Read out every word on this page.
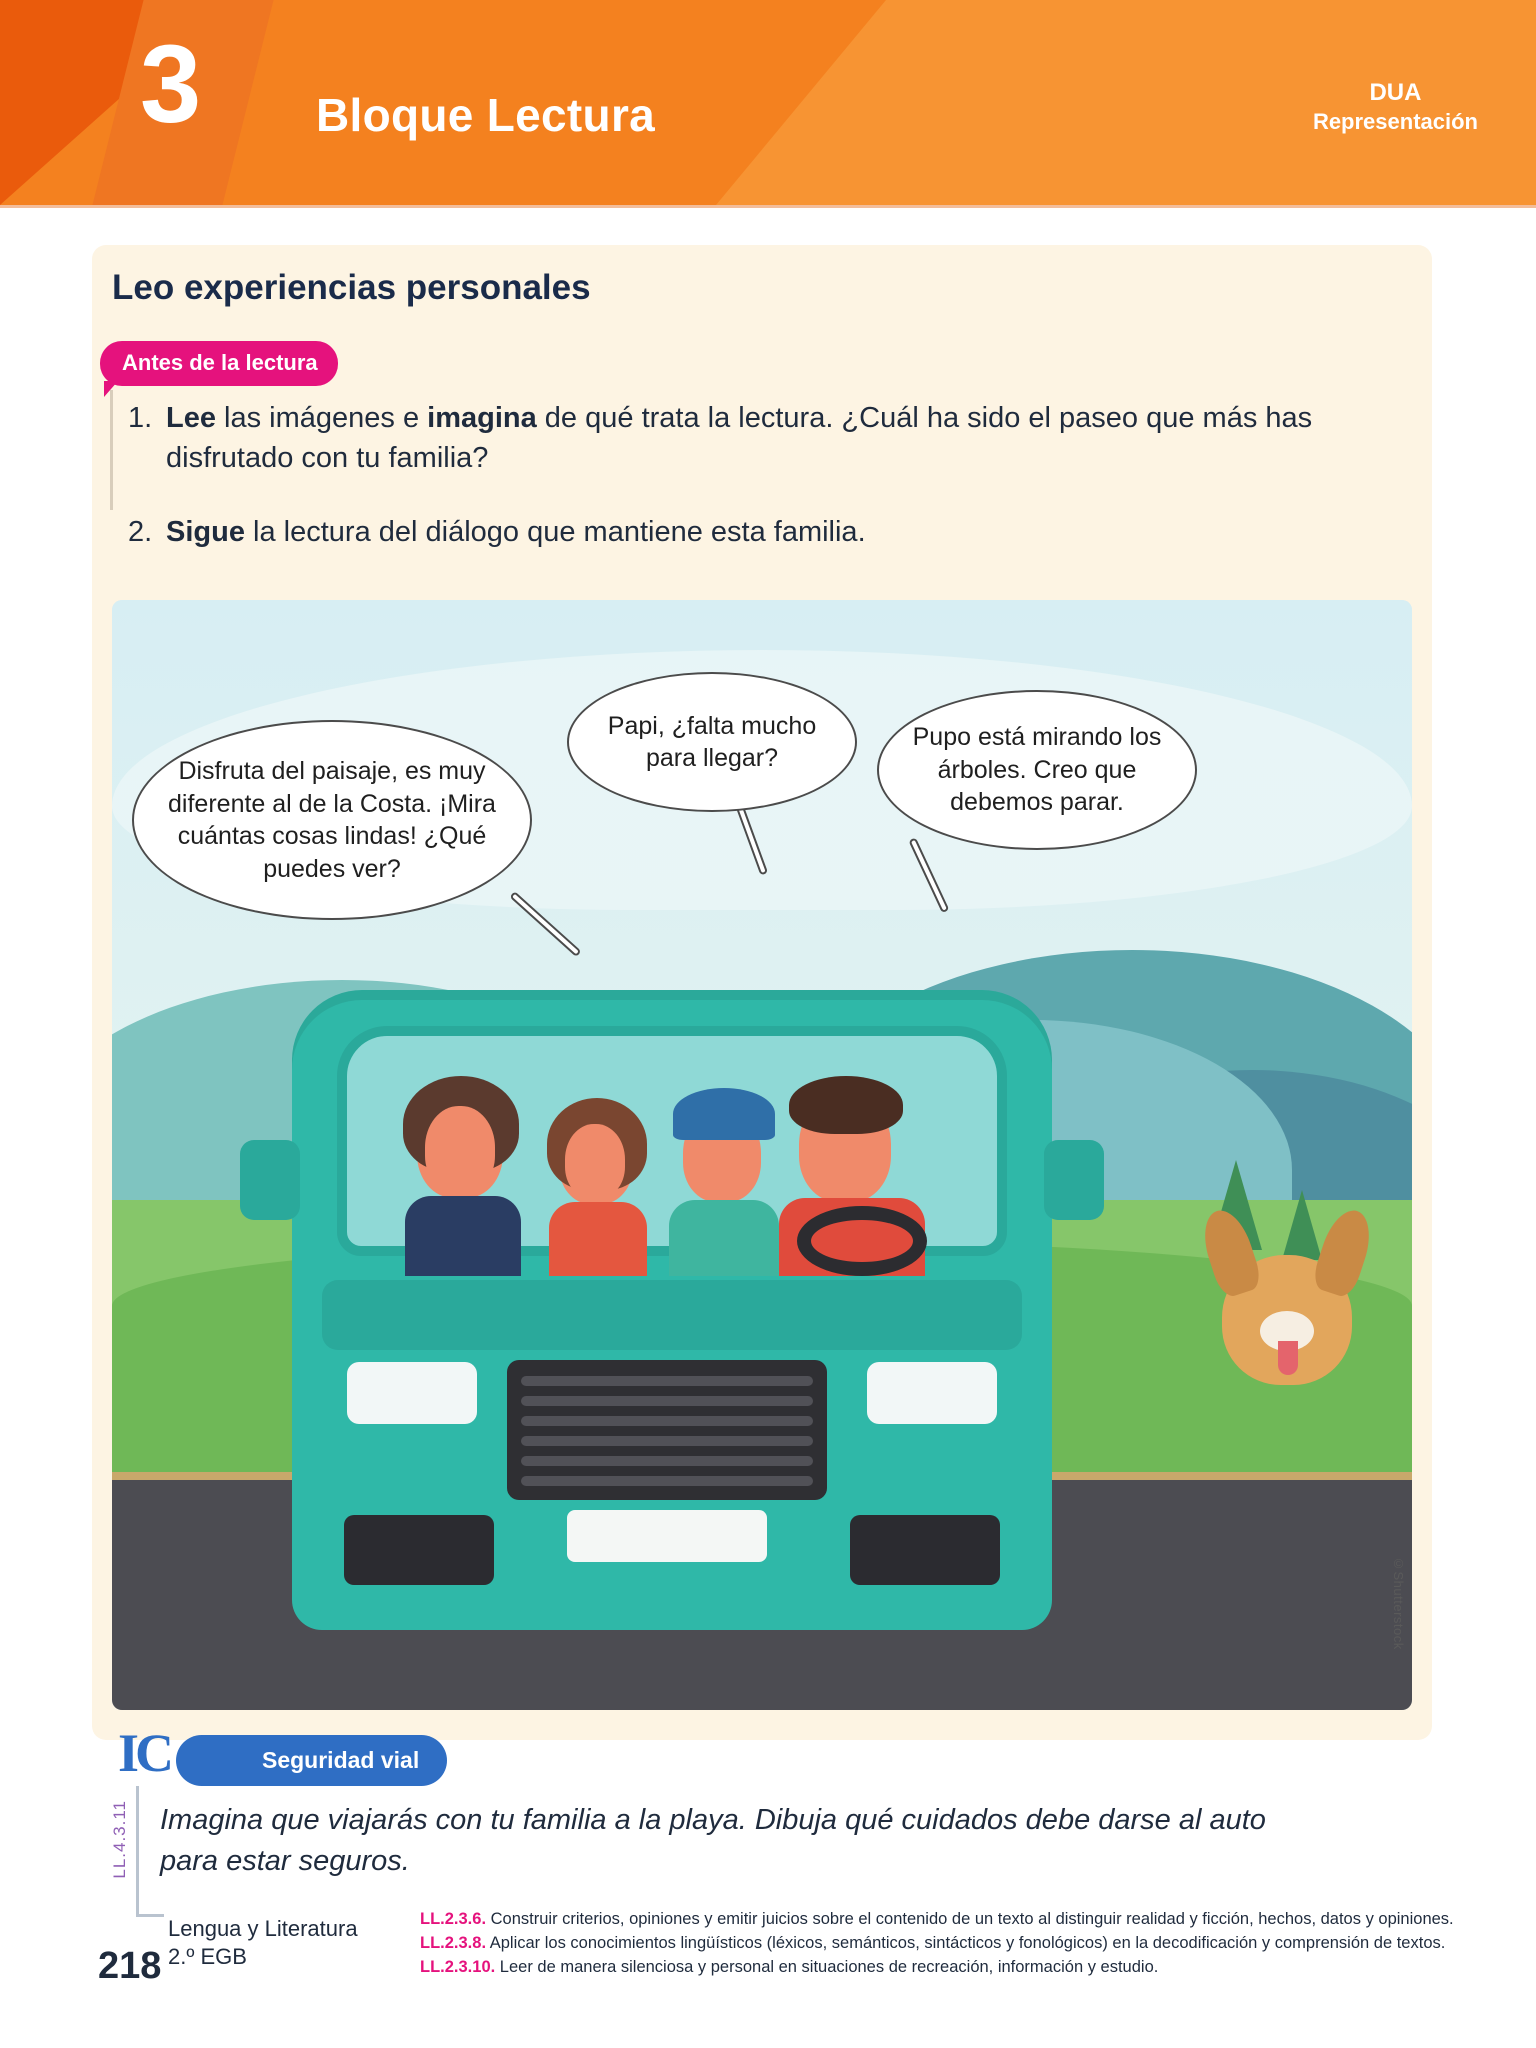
3 Bloque Lectura	DUA
Representación
Leo experiencias personales
Antes de la lectura
1. Lee las imágenes e imagina de qué trata la lectura. ¿Cuál ha sido el paseo que más has disfrutado con tu familia?
2. Sigue la lectura del diálogo que mantiene esta familia.
Disfruta del paisaje, es muy diferente al de la Costa. ¡Mira cuántas cosas lindas! ¿Qué puedes ver?
Papi, ¿falta mucho para llegar?
Pupo está mirando los árboles. Creo que debemos parar.
©Shutterstock
IC	Seguridad vial
LL.4.3.11 Imagina que viajarás con tu familia a la playa. Dibuja qué cuidados debe darse al auto para estar seguros.
218
Lengua y Literatura
2.º EGB
LL.2.3.6. Construir criterios, opiniones y emitir juicios sobre el contenido de un texto al distinguir realidad y ficción, hechos, datos y opiniones.
LL.2.3.8. Aplicar los conocimientos lingüísticos (léxicos, semánticos, sintácticos y fonológicos) en la decodificación y comprensión de textos.
LL.2.3.10. Leer de manera silenciosa y personal en situaciones de recreación, información y estudio.
